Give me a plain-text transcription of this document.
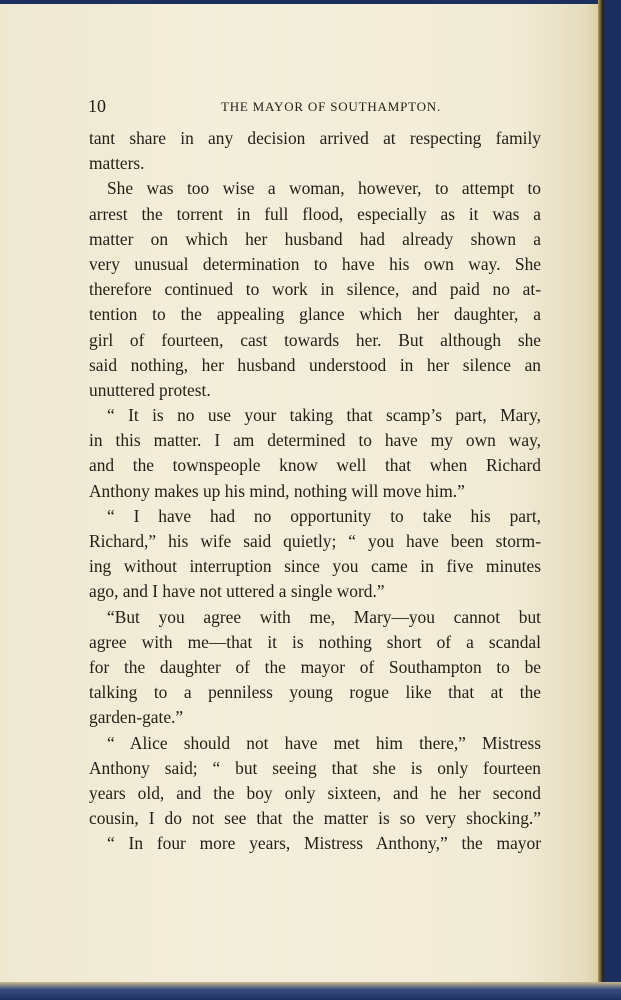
10	THE MAYOR OF SOUTHAMPTON.
tant share in any decision arrived at respecting family
matters.
She was too wise a woman, however, to attempt to
arrest the torrent in full flood, especially as it was a
matter on which her husband had already shown a
very unusual determination to have his own way. She
therefore continued to work in silence, and paid no at-
tention to the appealing glance which her daughter, a
girl of fourteen, cast towards her. But although she
said nothing, her husband understood in her silence an
unuttered protest.
“ It is no use your taking that scamp’s part, Mary,
in this matter. I am determined to have my own way,
and the townspeople know well that when Richard
Anthony makes up his mind, nothing will move him.”
“ I have had no opportunity to take his part,
Richard,” his wife said quietly; “ you have been storm-
ing without interruption since you came in five minutes
ago, and I have not uttered a single word.”
“But you agree with me, Mary—you cannot but
agree with me—that it is nothing short of a scandal
for the daughter of the mayor of Southampton to be
talking to a penniless young rogue like that at the
garden-gate.”
“ Alice should not have met him there,” Mistress
Anthony said; “ but seeing that she is only fourteen
years old, and the boy only sixteen, and he her second
cousin, I do not see that the matter is so very shocking.”
“ In four more years, Mistress Anthony,” the mayor
